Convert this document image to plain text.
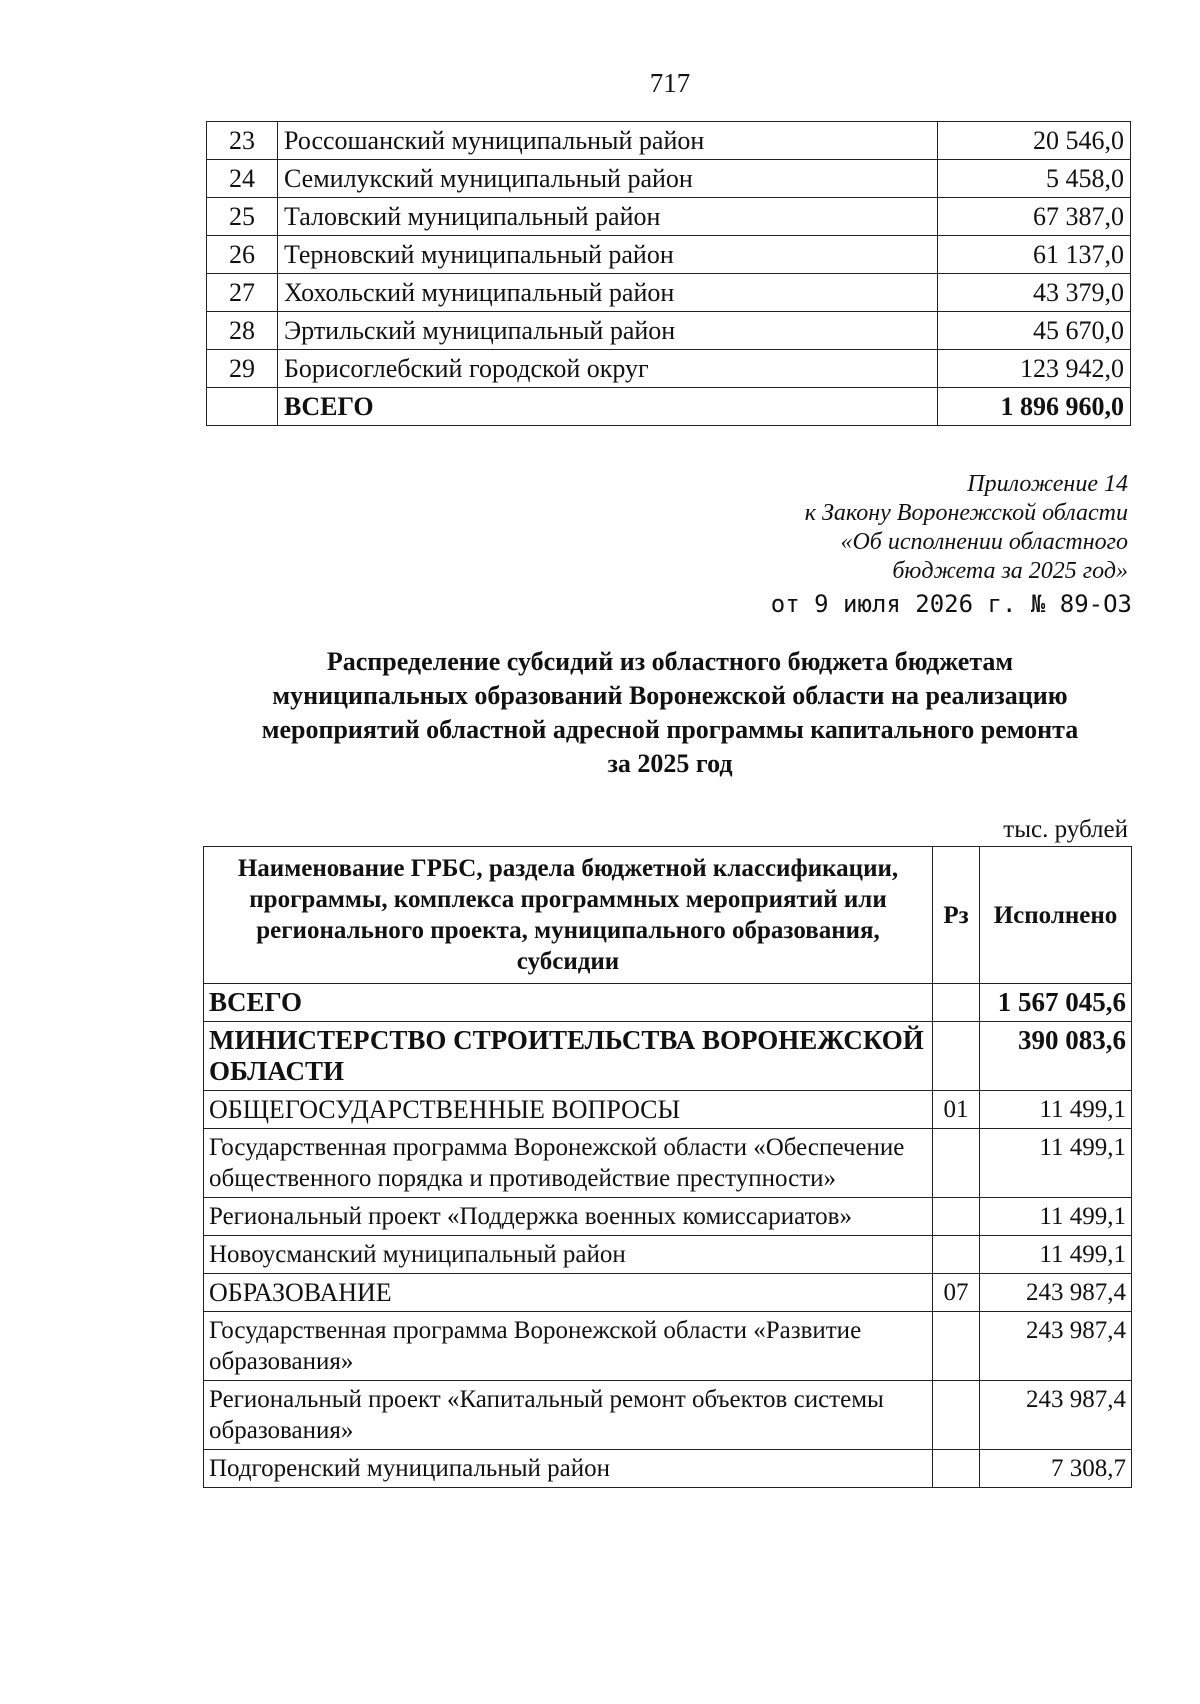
717
23	Россошанский муниципальный район	20 546,0
24	Семилукский муниципальный район	5 458,0
25	Таловский муниципальный район	67 387,0
26	Терновский муниципальный район	61 137,0
27	Хохольский муниципальный район	43 379,0
28	Эртильский муниципальный район	45 670,0
29	Борисоглебский городской округ	123 942,0
	ВСЕГО	1 896 960,0
Приложение 14
к Закону Воронежской области
«Об исполнении областного
бюджета за 2025 год»
от 9 июля 2026 г. № 89-ОЗ
Распределение субсидий из областного бюджета бюджетам
муниципальных образований Воронежской области на реализацию
мероприятий областной адресной программы капитального ремонта
за 2025 год
тыс. рублей
Наименование ГРБС, раздела бюджетной классификации, программы, комплекса программных мероприятий или регионального проекта, муниципального образования, субсидии	Рз	Исполнено
ВСЕГО		1 567 045,6
МИНИСТЕРСТВО СТРОИТЕЛЬСТВА ВОРОНЕЖСКОЙ ОБЛАСТИ		390 083,6
ОБЩЕГОСУДАРСТВЕННЫЕ ВОПРОСЫ	01	11 499,1
Государственная программа Воронежской области «Обеспечение общественного порядка и противодействие преступности»		11 499,1
Региональный проект «Поддержка военных комиссариатов»		11 499,1
Новоусманский муниципальный район		11 499,1
ОБРАЗОВАНИЕ	07	243 987,4
Государственная программа Воронежской области «Развитие образования»		243 987,4
Региональный проект «Капитальный ремонт объектов системы образования»		243 987,4
Подгоренский муниципальный район		7 308,7
